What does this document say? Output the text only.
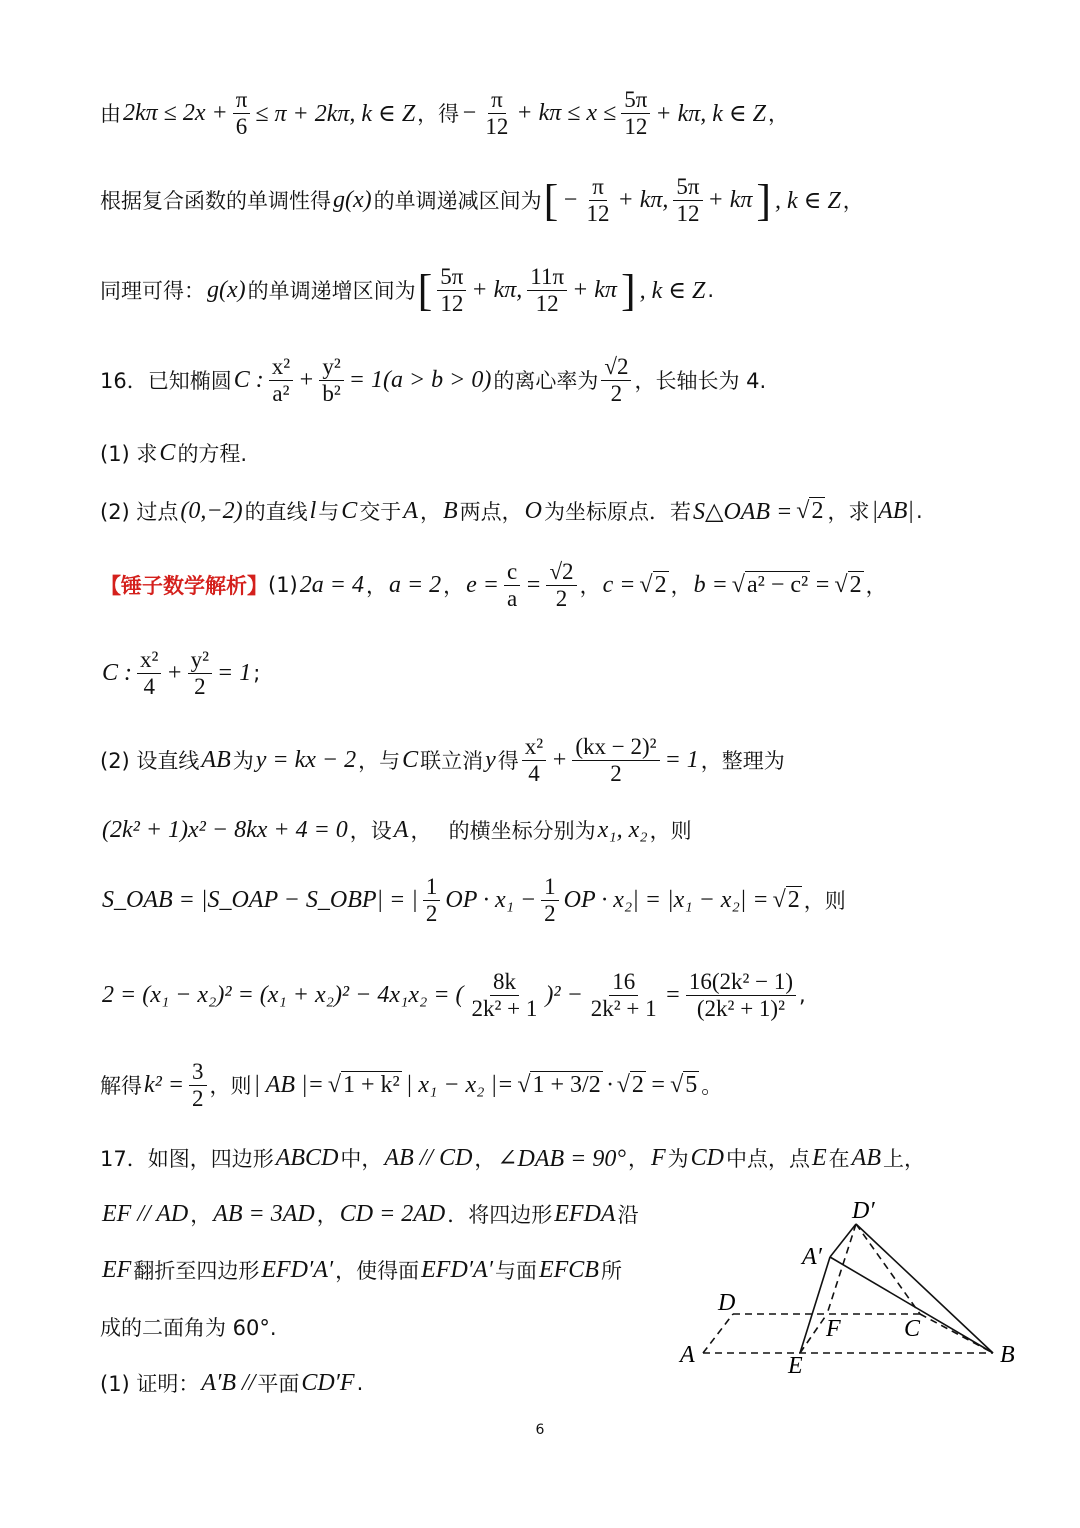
由 $2k\pi \le 2x + \frac{\pi}{6} \le \pi + 2k\pi$, k ∈ Z ，得 − $\frac{\pi}{12} + k\pi \le x \le \frac{5\pi}{12} + k\pi$, k ∈ Z ，
根据复合函数的单调性得 g(x) 的单调递减区间为 [ − $\frac{\pi}{12} + k\pi$, $\frac{5\pi}{12} + k\pi$ ] , k ∈ Z ，
同理可得： g(x) 的单调递增区间为 [ $\frac{5\pi}{12} + k\pi$, $\frac{11\pi}{12} + k\pi$ ] , k ∈ Z .
16．已知椭圆 C : $\frac{\text{x²}}{\text{a²}} + \frac{\text{y²}}{\text{b²}} = 1(a > b > 0)$ 的离心率为 $\frac{√2}{2}$ ，长轴长为 4.
(1) 求 C 的方程.
(2) 过点 (0,−2) 的直线 l 与 C 交于 A ， B 两点， O 为坐标原点．若 S△OAB = √2 ，求 |AB| .
【锤子数学解析】 (1) 2a = 4 ， a = 2 ， $e = \frac{c}{a} = \frac{√2}{2}$ ， c = √2 ， b = √a² − c² = √2 ，
C : $\frac{\text{x²}}{4} + \frac{\text{y²}}{2} = 1$ ;
(2) 设直线 AB 为 y = kx − 2 ，与 C 联立消 y 得 $\frac{\text{x²}}{4} + \frac{\text{(kx − 2)²}}{2} = 1$ ，整理为
(2k² + 1)x² − 8kx + 4 = 0 ，设 A ，　 的横坐标分别为 x₁, x₂ ，则
S_OAB = |S_OAP − S_OBP| = | $\frac{1}{2}$ OP · $x_1 - \frac{1}{2}$ OP · x₂| = |x₁ − x₂| = √2 ，则
2 = (x₁ − x₂)² = (x₁ + x₂)² − 4x₁x₂ = ( $\frac{8k}{\text{2k² + 1}} )^2 - \frac{16}{\text{2k² + 1}} = \frac{\text{16(2k² − 1)}}{\text{(2k² + 1)²}}$ ,
解得 $k^2 = \frac{3}{2}$ ，则 | AB |= √1 + k² | x₁ − x₂ |= √1 + 3/2 · √2 = √5 。
17．如图，四边形 ABCD 中， AB // CD ， ∠DAB = 90° ， F 为 CD 中点，点 E 在 AB 上，
EF // AD ， AB = 3AD ， CD = 2AD ．将四边形 EFDA 沿
EF 翻折至四边形 EFD′A′ ，使得面 EFD′A′ 与面 EFCB 所
成的二面角为 60°.
(1) 证明： A′B // 平面 CD′F .
D′
A′
D
F	C
A	E	B
6
